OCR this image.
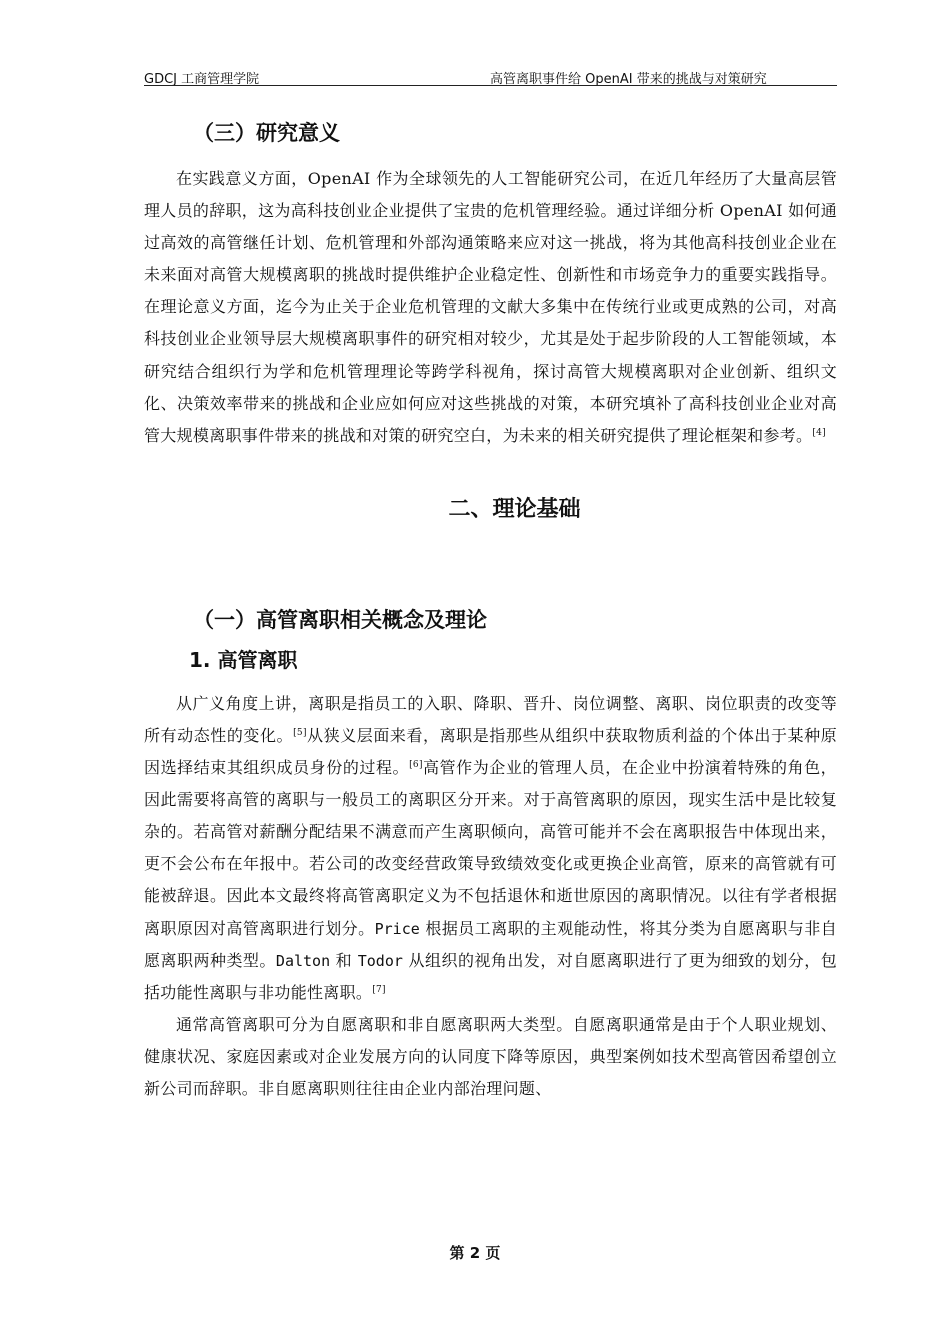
GDCJ 工商管理学院	高管离职事件给 OpenAI 带来的挑战与对策研究
（三）研究意义

在实践意义方面，OpenAI 作为全球领先的人工智能研究公司，在近几年经历了大量高层管理人员的辞职，这为高科技创业企业提供了宝贵的危机管理经验。通过详细分析 OpenAI 如何通过高效的高管继任计划、危机管理和外部沟通策略来应对这一挑战，将为其他高科技创业企业在未来面对高管大规模离职的挑战时提供维护企业稳定性、创新性和市场竞争力的重要实践指导。在理论意义方面，迄今为止关于企业危机管理的文献大多集中在传统行业或更成熟的公司，对高科技创业企业领导层大规模离职事件的研究相对较少，尤其是处于起步阶段的人工智能领域，本研究结合组织行为学和危机管理理论等跨学科视角，探讨高管大规模离职对企业创新、组织文化、决策效率带来的挑战和企业应如何应对这些挑战的对策，本研究填补了高科技创业企业对高管大规模离职事件带来的挑战和对策的研究空白，为未来的相关研究提供了理论框架和参考。[4]

二、理论基础
（一）高管离职相关概念及理论
1. 高管离职

从广义角度上讲，离职是指员工的入职、降职、晋升、岗位调整、离职、岗位职责的改变等所有动态性的变化。[5]从狭义层面来看，离职是指那些从组织中获取物质利益的个体出于某种原因选择结束其组织成员身份的过程。[6]高管作为企业的管理人员，在企业中扮演着特殊的角色，因此需要将高管的离职与一般员工的离职区分开来。对于高管离职的原因，现实生活中是比较复杂的。若高管对薪酬分配结果不满意而产生离职倾向，高管可能并不会在离职报告中体现出来，更不会公布在年报中。若公司的改变经营政策导致绩效变化或更换企业高管，原来的高管就有可能被辞退。因此本文最终将高管离职定义为不包括退休和逝世原因的离职情况。以往有学者根据离职原因对高管离职进行划分。Price 根据员工离职的主观能动性，将其分类为自愿离职与非自愿离职两种类型。Dalton 和 Todor 从组织的视角出发，对自愿离职进行了更为细致的划分，包括功能性离职与非功能性离职。[7]

通常高管离职可分为自愿离职和非自愿离职两大类型。自愿离职通常是由于个人职业规划、健康状况、家庭因素或对企业发展方向的认同度下降等原因，典型案例如技术型高管因希望创立新公司而辞职。非自愿离职则往往由企业内部治理问题、

第 2 页
